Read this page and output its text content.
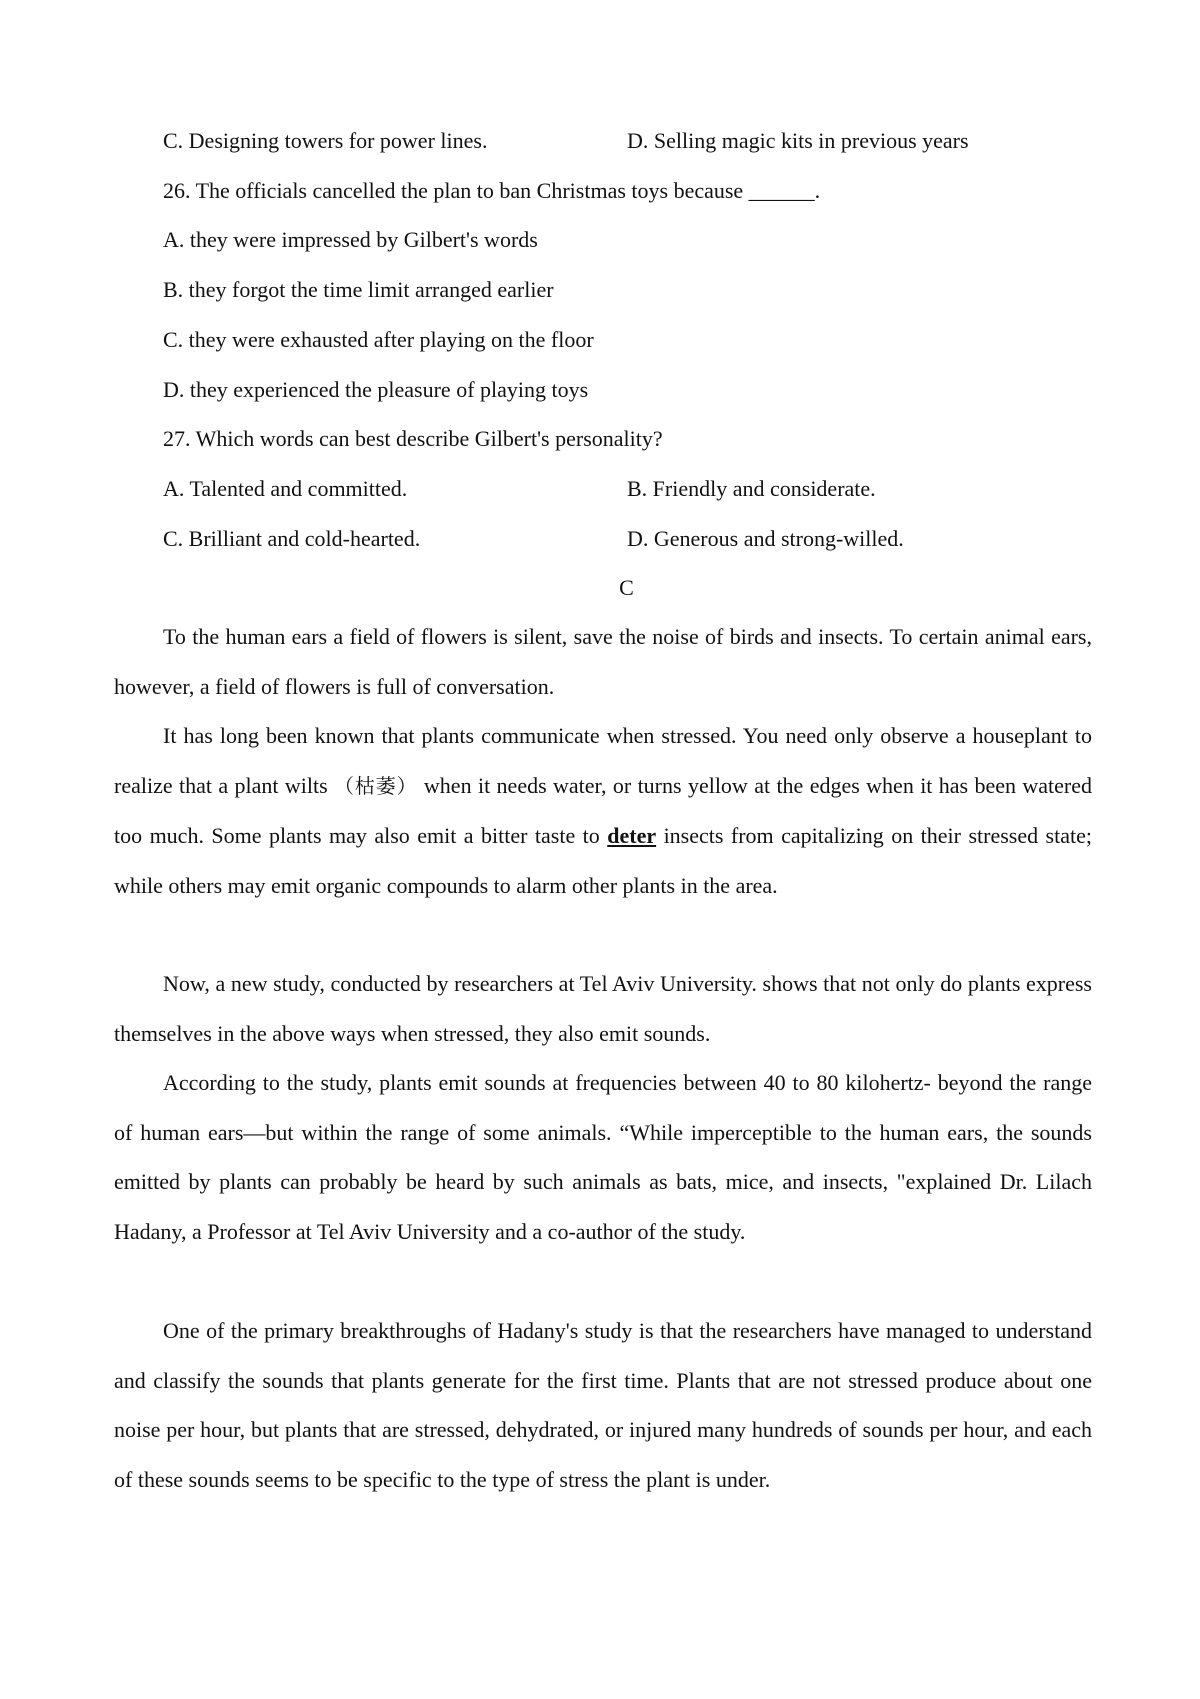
C. Designing towers for power lines.	D. Selling magic kits in previous years
26. The officials cancelled the plan to ban Christmas toys because ______.
A. they were impressed by Gilbert's words
B. they forgot the time limit arranged earlier
C. they were exhausted after playing on the floor
D. they experienced the pleasure of playing toys
27. Which words can best describe Gilbert's personality?
A. Talented and committed.	B. Friendly and considerate.
C. Brilliant and cold-hearted.	D. Generous and strong-willed.
C

To the human ears a field of flowers is silent, save the noise of birds and insects. To certain animal ears, however, a field of flowers is full of conversation.

It has long been known that plants communicate when stressed. You need only observe a houseplant to realize that a plant wilts （枯萎） when it needs water, or turns yellow at the edges when it has been watered too much. Some plants may also emit a bitter taste to deter insects from capitalizing on their stressed state; while others may emit organic compounds to alarm other plants in the area.

Now, a new study, conducted by researchers at Tel Aviv University. shows that not only do plants express themselves in the above ways when stressed, they also emit sounds.

According to the study, plants emit sounds at frequencies between 40 to 80 kilohertz- beyond the range of human ears—but within the range of some animals. “While imperceptible to the human ears, the sounds emitted by plants can probably be heard by such animals as bats, mice, and insects, "explained Dr. Lilach Hadany, a Professor at Tel Aviv University and a co-author of the study.

One of the primary breakthroughs of Hadany's study is that the researchers have managed to understand and classify the sounds that plants generate for the first time. Plants that are not stressed produce about one noise per hour, but plants that are stressed, dehydrated, or injured many hundreds of sounds per hour, and each of these sounds seems to be specific to the type of stress the plant is under.
